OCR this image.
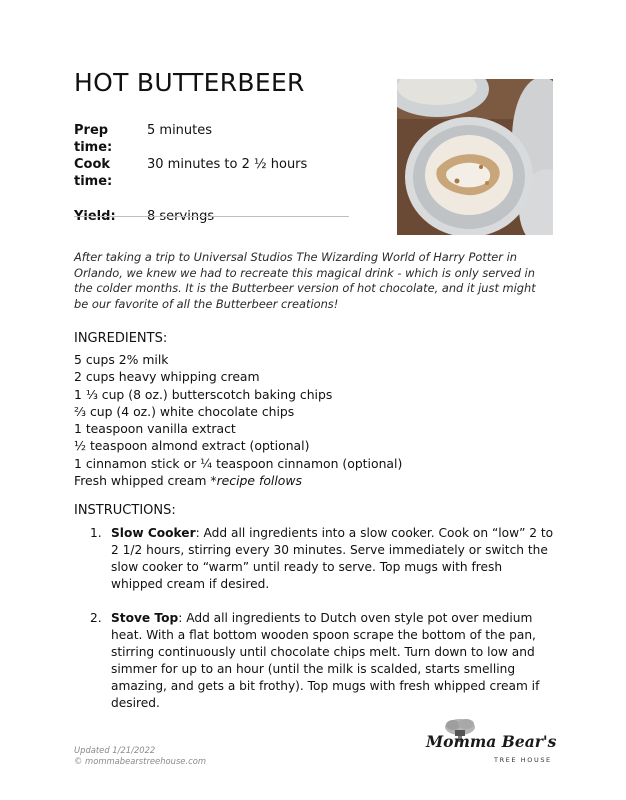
HOT BUTTERBEER
Prep time:
5 minutes
Cook time:
30 minutes to 2 ½ hours
Yield:	8 servings

After taking a trip to Universal Studios The Wizarding World of Harry Potter in Orlando, we knew we had to recreate this magical drink - which is only served in the colder months. It is the Butterbeer version of hot chocolate, and it just might be our favorite of all the Butterbeer creations!

INGREDIENTS:
5 cups 2% milk
2 cups heavy whipping cream
1 ⅓ cup (8 oz.) butterscotch baking chips
⅔ cup (4 oz.) white chocolate chips
1 teaspoon vanilla extract
½ teaspoon almond extract (optional)
1 cinnamon stick or ¼ teaspoon cinnamon (optional)
Fresh whipped cream *recipe follows
INSTRUCTIONS:
1. Slow Cooker: Add all ingredients into a slow cooker. Cook on “low” 2 to 2 1/2 hours, stirring every 30 minutes. Serve immediately or switch the slow cooker to “warm” until ready to serve. Top mugs with fresh whipped cream if desired.
2. Stove Top: Add all ingredients to Dutch oven style pot over medium heat. With a flat bottom wooden spoon scrape the bottom of the pan, stirring continuously until chocolate chips melt. Turn down to low and simmer for up to an hour (until the milk is scalded, starts smelling amazing, and gets a bit frothy). Top mugs with fresh whipped cream if desired.
Updated 1/21/2022
© mommabearstreehouse.com
Momma Bear's
TREE HOUSE
